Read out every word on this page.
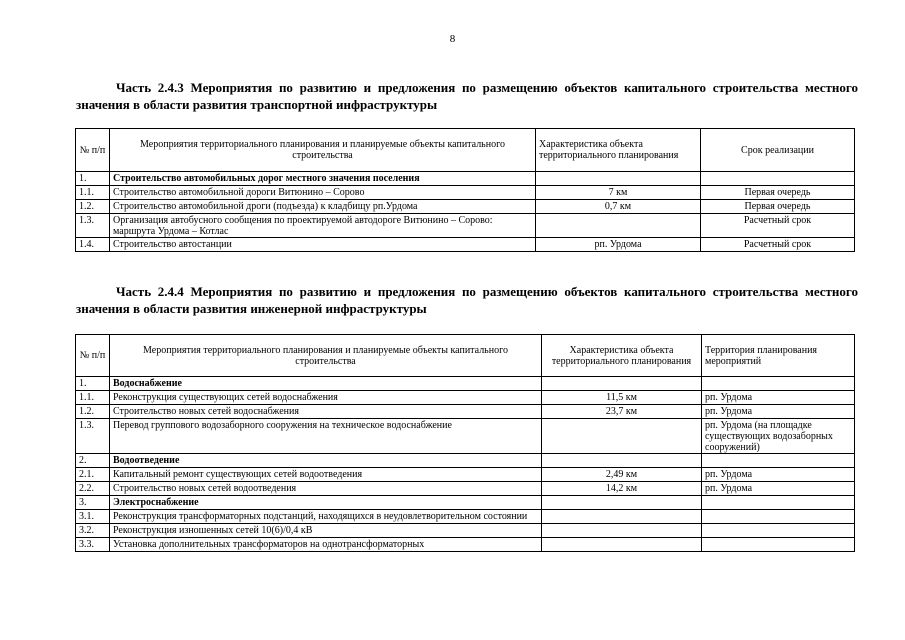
8
Часть 2.4.3 Мероприятия по развитию и предложения по размещению объектов капитального строительства местного значения в области развития транспортной инфраструктуры
№ п/п	Мероприятия территориального планирования и планируемые объекты капитального строительства	Характеристика объекта территориального планирования	Срок реализации
1.	Строительство автомобильных дорог местного значения поселения		
1.1.	Строительство автомобильной дороги Витюнино – Сорово	7 км	Первая очередь
1.2.	Строительство автомобильной дроги (подъезда) к кладбищу рп.Урдома	0,7 км	Первая очередь
1.3.	Организация автобусного сообщения по проектируемой автодороге Витюнино – Сорово: маршрута Урдома – Котлас		Расчетный срок
1.4.	Строительство автостанции	рп. Урдома	Расчетный срок
Часть 2.4.4 Мероприятия по развитию и предложения по размещению объектов капитального строительства местного значения в области развития инженерной инфраструктуры
№ п/п	Мероприятия территориального планирования и планируемые объекты капитального строительства	Характеристика объекта территориального планирования	Территория планирования мероприятий
1.	Водоснабжение		
1.1.	Реконструкция существующих сетей водоснабжения	11,5 км	рп. Урдома
1.2.	Строительство новых сетей водоснабжения	23,7 км	рп. Урдома
1.3.	Перевод группового водозаборного сооружения на техническое водоснабжение		рп. Урдома (на площадке существующих водозаборных сооружений)
2.	Водоотведение		
2.1.	Капитальный ремонт существующих сетей водоотведения	2,49 км	рп. Урдома
2.2.	Строительство новых сетей водоотведения	14,2 км	рп. Урдома
3.	Электроснабжение		
3.1.	Реконструкция трансформаторных подстанций, находящихся в неудовлетворительном состоянии		
3.2.	Реконструкция изношенных сетей 10(6)/0,4 кВ		
3.3.	Установка дополнительных трансформаторов на однотрансформаторных		
